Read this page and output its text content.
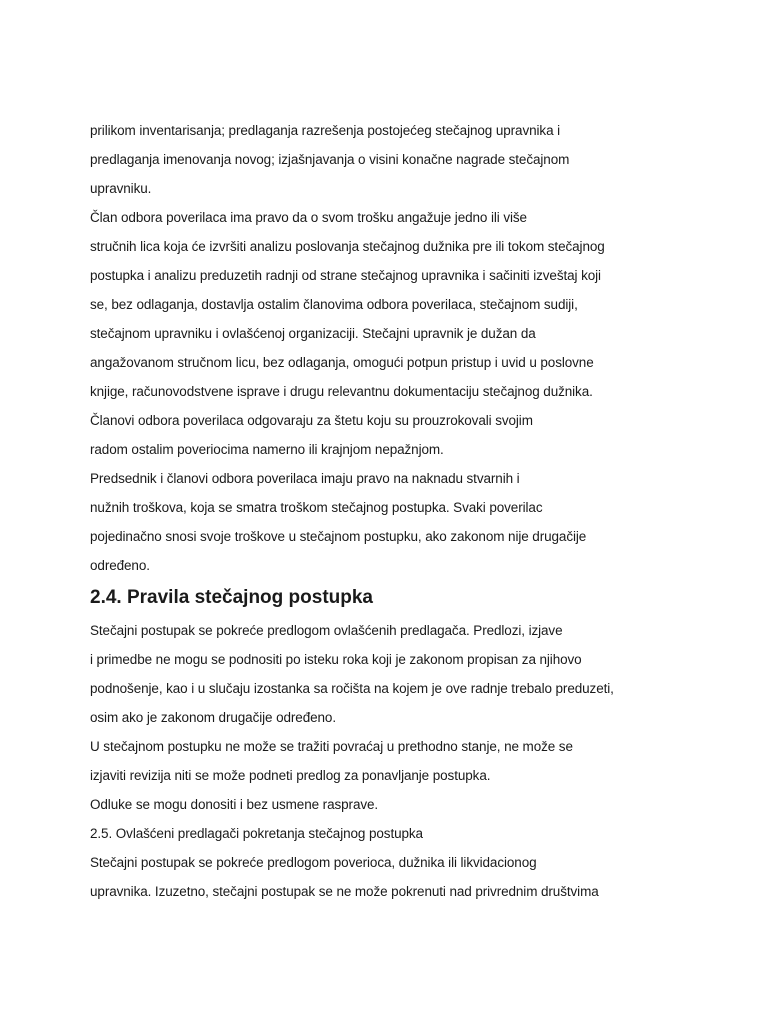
prilikom inventarisanja; predlaganja razrešenja postojećeg stečajnog upravnika i
predlaganja imenovanja novog; izjašnjavanja o visini konačne nagrade stečajnom
upravniku.
Član odbora poverilaca ima pravo da o svom trošku angažuje jedno ili više
stručnih lica koja će izvršiti analizu poslovanja stečajnog dužnika pre ili tokom stečajnog
postupka i analizu preduzetih radnji od strane stečajnog upravnika i sačiniti izveštaj koji
se, bez odlaganja, dostavlja ostalim članovima odbora poverilaca, stečajnom sudiji,
stečajnom upravniku i ovlašćenoj organizaciji. Stečajni upravnik je dužan da
angažovanom stručnom licu, bez odlaganja, omogući potpun pristup i uvid u poslovne
knjige, računovodstvene isprave i drugu relevantnu dokumentaciju stečajnog dužnika.
Članovi odbora poverilaca odgovaraju za štetu koju su prouzrokovali svojim
radom ostalim poveriocima namerno ili krajnjom nepažnjom.
Predsednik i članovi odbora poverilaca imaju pravo na naknadu stvarnih i
nužnih troškova, koja se smatra troškom stečajnog postupka. Svaki poverilac
pojedinačno snosi svoje troškove u stečajnom postupku, ako zakonom nije drugačije
određeno.
2.4. Pravila stečajnog postupka
Stečajni postupak se pokreće predlogom ovlašćenih predlagača. Predlozi, izjave
i primedbe ne mogu se podnositi po isteku roka koji je zakonom propisan za njihovo
podnošenje, kao i u slučaju izostanka sa ročišta na kojem je ove radnje trebalo preduzeti,
osim ako je zakonom drugačije određeno.
U stečajnom postupku ne može se tražiti povraćaj u prethodno stanje, ne može se
izjaviti revizija niti se može podneti predlog za ponavljanje postupka.
Odluke se mogu donositi i bez usmene rasprave.
2.5. Ovlašćeni predlagači pokretanja stečajnog postupka
Stečajni postupak se pokreće predlogom poverioca, dužnika ili likvidacionog
upravnika. Izuzetno, stečajni postupak se ne može pokrenuti nad privrednim društvima
